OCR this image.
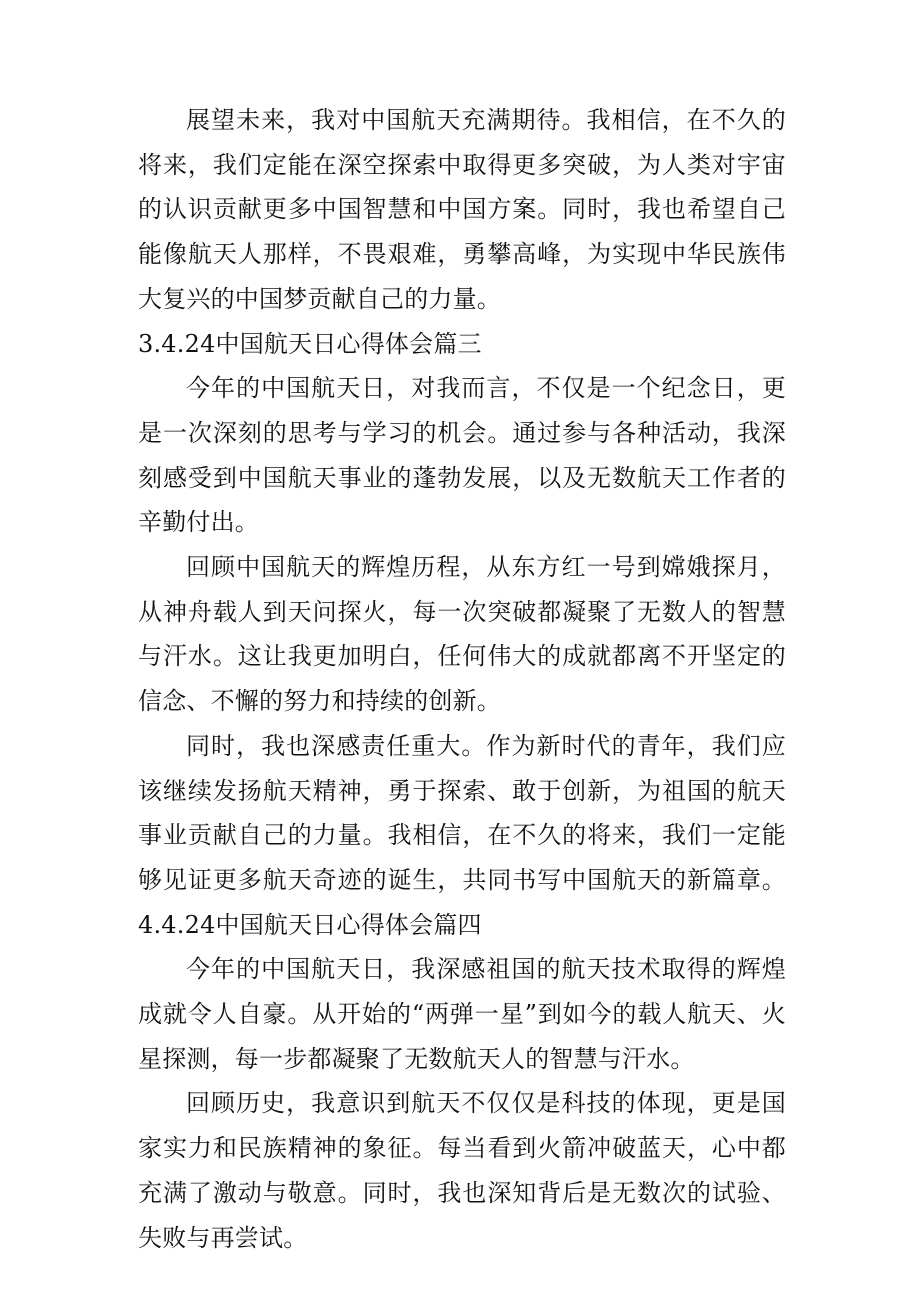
展望未来，我对中国航天充满期待。我相信，在不久的将来，我们定能在深空探索中取得更多突破，为人类对宇宙的认识贡献更多中国智慧和中国方案。同时，我也希望自己能像航天人那样，不畏艰难，勇攀高峰，为实现中华民族伟大复兴的中国梦贡献自己的力量。

3.4.24中国航天日心得体会篇三

今年的中国航天日，对我而言，不仅是一个纪念日，更是一次深刻的思考与学习的机会。通过参与各种活动，我深刻感受到中国航天事业的蓬勃发展，以及无数航天工作者的辛勤付出。

回顾中国航天的辉煌历程，从东方红一号到嫦娥探月，从神舟载人到天问探火，每一次突破都凝聚了无数人的智慧与汗水。这让我更加明白，任何伟大的成就都离不开坚定的信念、不懈的努力和持续的创新。

同时，我也深感责任重大。作为新时代的青年，我们应该继续发扬航天精神，勇于探索、敢于创新，为祖国的航天事业贡献自己的力量。我相信，在不久的将来，我们一定能够见证更多航天奇迹的诞生，共同书写中国航天的新篇章。4.4.24中国航天日心得体会篇四

今年的中国航天日，我深感祖国的航天技术取得的辉煌成就令人自豪。从开始的“两弹一星”到如今的载人航天、火星探测，每一步都凝聚了无数航天人的智慧与汗水。

回顾历史，我意识到航天不仅仅是科技的体现，更是国家实力和民族精神的象征。每当看到火箭冲破蓝天，心中都充满了激动与敬意。同时，我也深知背后是无数次的试验、失败与再尝试。
